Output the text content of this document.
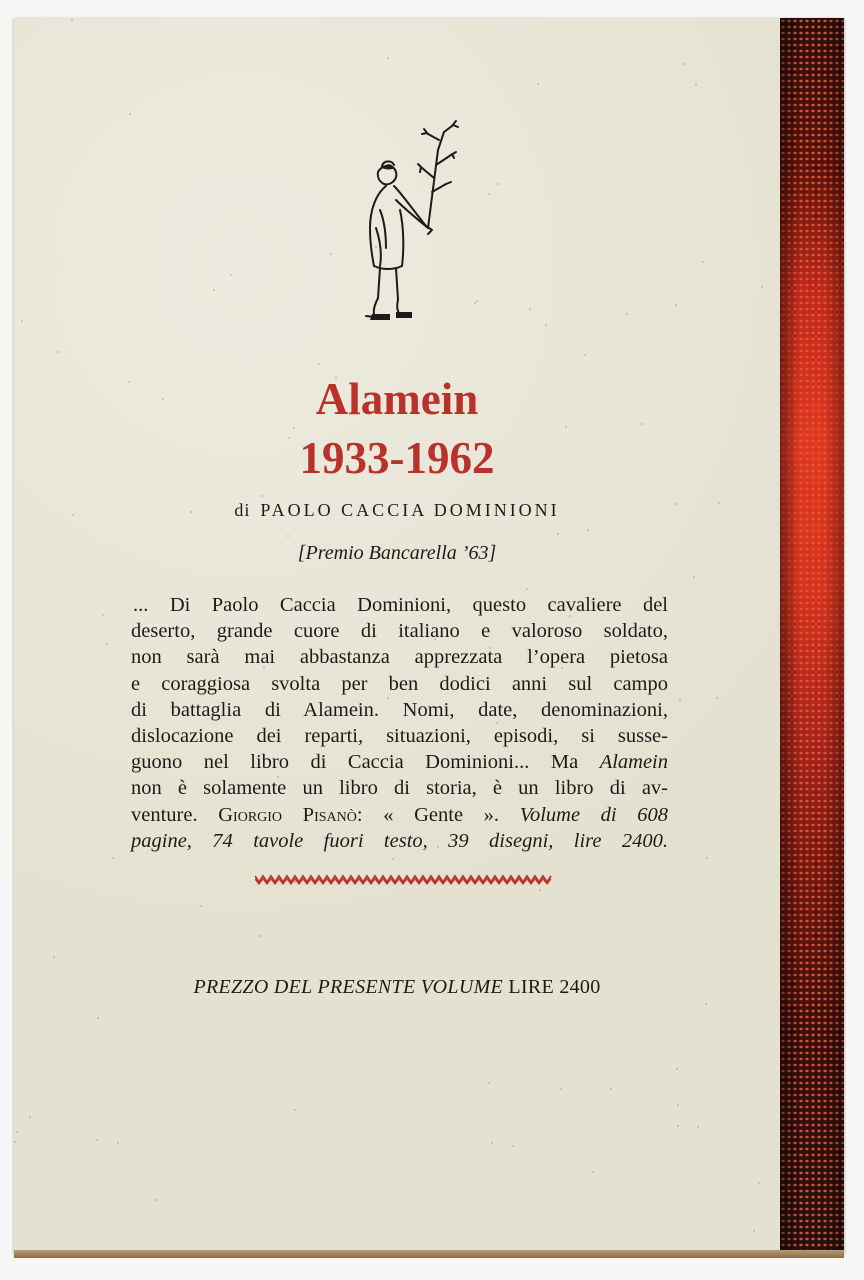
Alamein
1933-1962
di PAOLO CACCIA DOMINIONI
[Premio Bancarella ’63]
... Di Paolo Caccia Dominioni, questo cavaliere del
deserto, grande cuore di italiano e valoroso soldato,
non sarà mai abbastanza apprezzata l’opera pietosa
e coraggiosa svolta per ben dodici anni sul campo
di battaglia di Alamein. Nomi, date, denominazioni,
dislocazione dei reparti, situazioni, episodi, si susse-
guono nel libro di Caccia Dominioni... Ma Alamein
non è solamente un libro di storia, è un libro di av-
venture. Giorgio Pisanò: « Gente ». Volume di 608
pagine, 74 tavole fuori testo, 39 disegni, lire 2400.
PREZZO DEL PRESENTE VOLUME LIRE 2400
